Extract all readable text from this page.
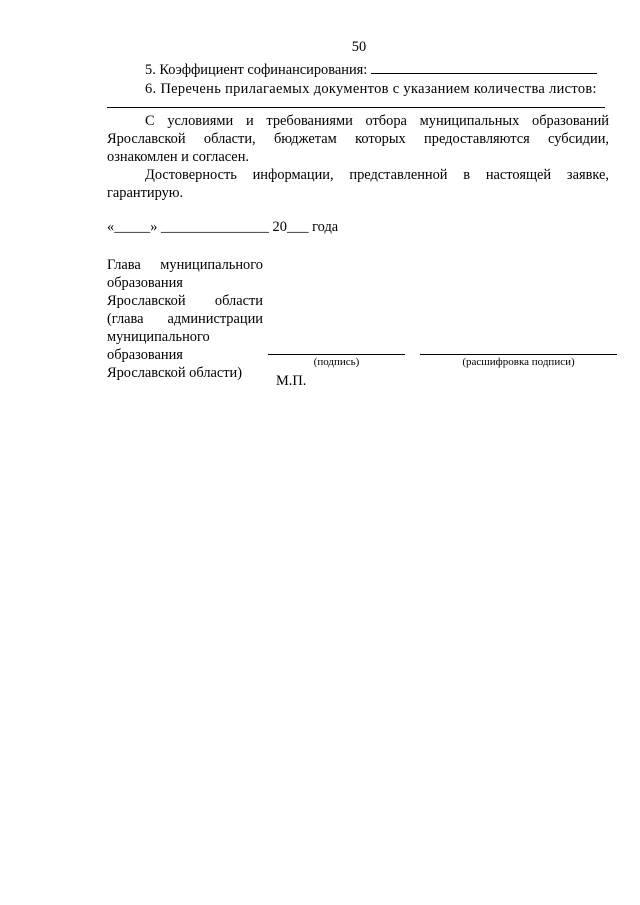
50
5. Коэффициент софинансирования:
6. Перечень прилагаемых документов с указанием количества листов:
С условиями и требованиями отбора муниципальных образований Ярославской области, бюджетам которых предоставляются субсидии, ознакомлен и согласен.
Достоверность информации, представленной в настоящей заявке, гарантирую.
«_____» _______________ 20___ года
Глава муниципального образования Ярославской области (глава администрации муниципального образования Ярославской области)
(подпись)	(расшифровка подписи)
М.П.
